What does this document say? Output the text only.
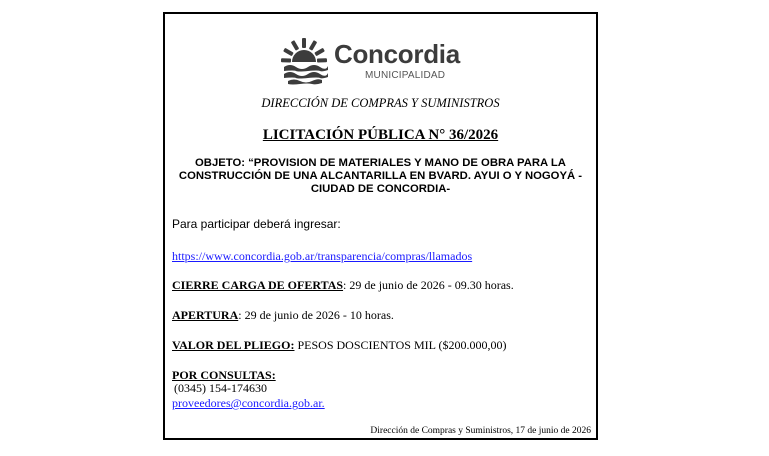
Concordia
MUNICIPALIDAD
DIRECCIÓN DE COMPRAS Y SUMINISTROS
LICITACIÓN PÚBLICA N° 36/2026
OBJETO: “PROVISION DE MATERIALES Y MANO DE OBRA PARA LA CONSTRUCCIÓN DE UNA ALCANTARILLA EN BVARD. AYUI O Y NOGOYÁ - CIUDAD DE CONCORDIA-
Para participar deberá ingresar:
https://www.concordia.gob.ar/transparencia/compras/llamados
CIERRE CARGA DE OFERTAS: 29 de junio de 2026 - 09.30 horas.
APERTURA: 29 de junio de 2026 - 10 horas.
VALOR DEL PLIEGO: PESOS DOSCIENTOS MIL ($200.000,00)
POR CONSULTAS:
(0345) 154-174630
proveedores@concordia.gob.ar.
Dirección de Compras y Suministros, 17 de junio de 2026
